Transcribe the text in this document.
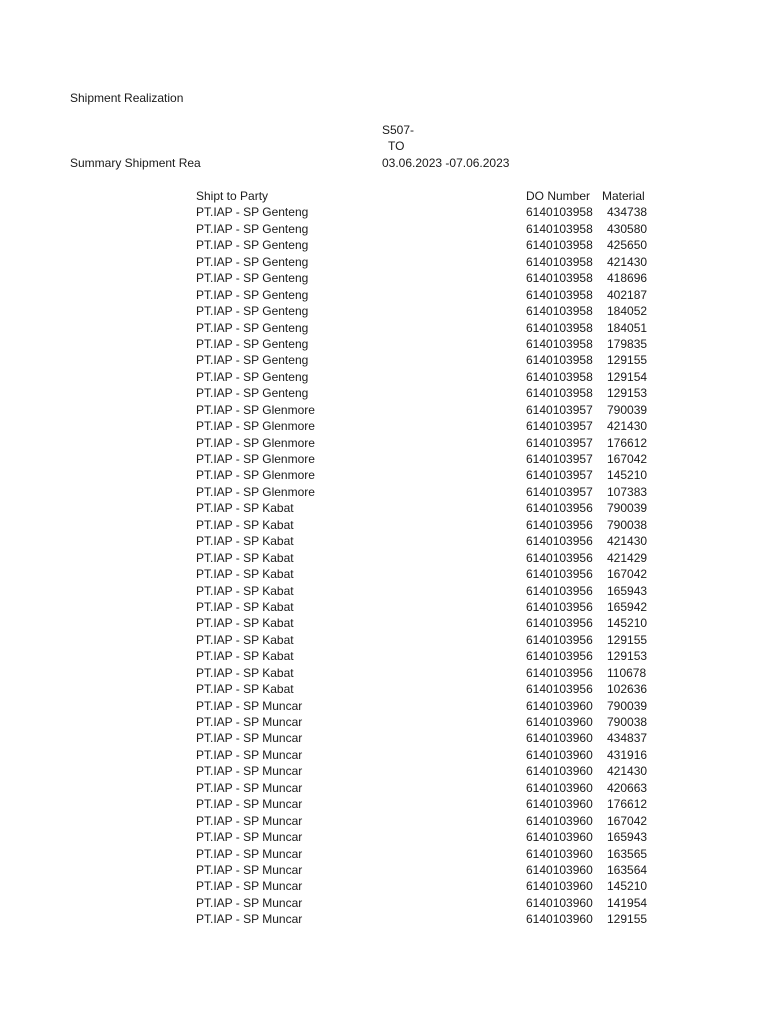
Shipment Realization
S507-
TO
Summary Shipment Rea	03.06.2023 -07.06.2023
Shipt to Party	DO Number Material
PT.IAP - SP Genteng	6140103958 434738
PT.IAP - SP Genteng	6140103958 430580
PT.IAP - SP Genteng	6140103958 425650
PT.IAP - SP Genteng	6140103958 421430
PT.IAP - SP Genteng	6140103958 418696
PT.IAP - SP Genteng	6140103958 402187
PT.IAP - SP Genteng	6140103958 184052
PT.IAP - SP Genteng	6140103958 184051
PT.IAP - SP Genteng	6140103958 179835
PT.IAP - SP Genteng	6140103958 129155
PT.IAP - SP Genteng	6140103958 129154
PT.IAP - SP Genteng	6140103958 129153
PT.IAP - SP Glenmore	6140103957 790039
PT.IAP - SP Glenmore	6140103957 421430
PT.IAP - SP Glenmore	6140103957 176612
PT.IAP - SP Glenmore	6140103957 167042
PT.IAP - SP Glenmore	6140103957 145210
PT.IAP - SP Glenmore	6140103957 107383
PT.IAP - SP Kabat	6140103956 790039
PT.IAP - SP Kabat	6140103956 790038
PT.IAP - SP Kabat	6140103956 421430
PT.IAP - SP Kabat	6140103956 421429
PT.IAP - SP Kabat	6140103956 167042
PT.IAP - SP Kabat	6140103956 165943
PT.IAP - SP Kabat	6140103956 165942
PT.IAP - SP Kabat	6140103956 145210
PT.IAP - SP Kabat	6140103956 129155
PT.IAP - SP Kabat	6140103956 129153
PT.IAP - SP Kabat	6140103956 110678
PT.IAP - SP Kabat	6140103956 102636
PT.IAP - SP Muncar	6140103960 790039
PT.IAP - SP Muncar	6140103960 790038
PT.IAP - SP Muncar	6140103960 434837
PT.IAP - SP Muncar	6140103960 431916
PT.IAP - SP Muncar	6140103960 421430
PT.IAP - SP Muncar	6140103960 420663
PT.IAP - SP Muncar	6140103960 176612
PT.IAP - SP Muncar	6140103960 167042
PT.IAP - SP Muncar	6140103960 165943
PT.IAP - SP Muncar	6140103960 163565
PT.IAP - SP Muncar	6140103960 163564
PT.IAP - SP Muncar	6140103960 145210
PT.IAP - SP Muncar	6140103960 141954
PT.IAP - SP Muncar	6140103960 129155
